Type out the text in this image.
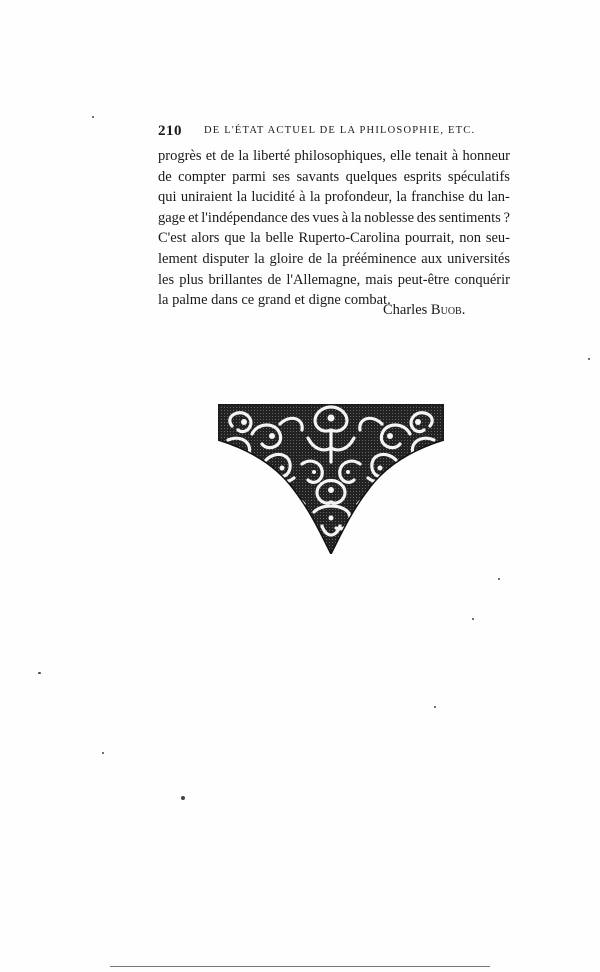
210 DE L'ÉTAT ACTUEL DE LA PHILOSOPHIE, ETC.
progrès et de la liberté philosophiques, elle tenait à honneur
de compter parmi ses savants quelques esprits spéculatifs
qui uniraient la lucidité à la profondeur, la franchise du lan-
gage et l'indépendance des vues à la noblesse des sentiments ?
C'est alors que la belle Ruperto-Carolina pourrait, non seu-
lement disputer la gloire de la prééminence aux universités
les plus brillantes de l'Allemagne, mais peut-être conquérir
la palme dans ce grand et digne combat.
Charles Buob.
